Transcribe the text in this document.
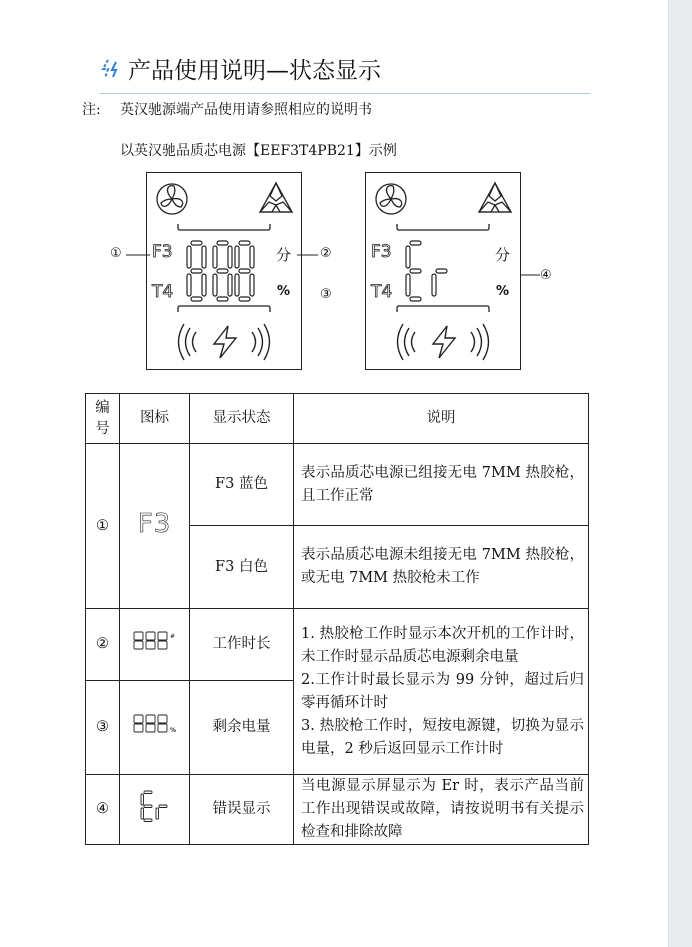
产品使用说明—状态显示
注: 英汉驰源端产品使用请参照相应的说明书
以英汉驰品质芯电源【EEF3T4PB21】示例
F3
T4
分
%
①	②
③
④
F3
T4
分
%
编号	图标	显示状态	说明
①	F3	F3 蓝色	表示品质芯电源已组接无电 7MM 热胶枪，且工作正常
		F3 白色	表示品质芯电源未组接无电 7MM 热胶枪，或无电 7MM 热胶枪未工作
②	#	工作时长	1. 热胶枪工作时显示本次开机的工作计时，未工作时显示品质芯电源剩余电量
2.工作计时最长显示为 99 分钟，超过后归零再循环计时
3. 热胶枪工作时，短按电源键，切换为显示电量，2 秒后返回显示工作计时

③	%	剩余电量	
④		错误显示	当电源显示屏显示为 Er 时，表示产品当前工作出现错误或故障，请按说明书有关提示检查和排除故障
